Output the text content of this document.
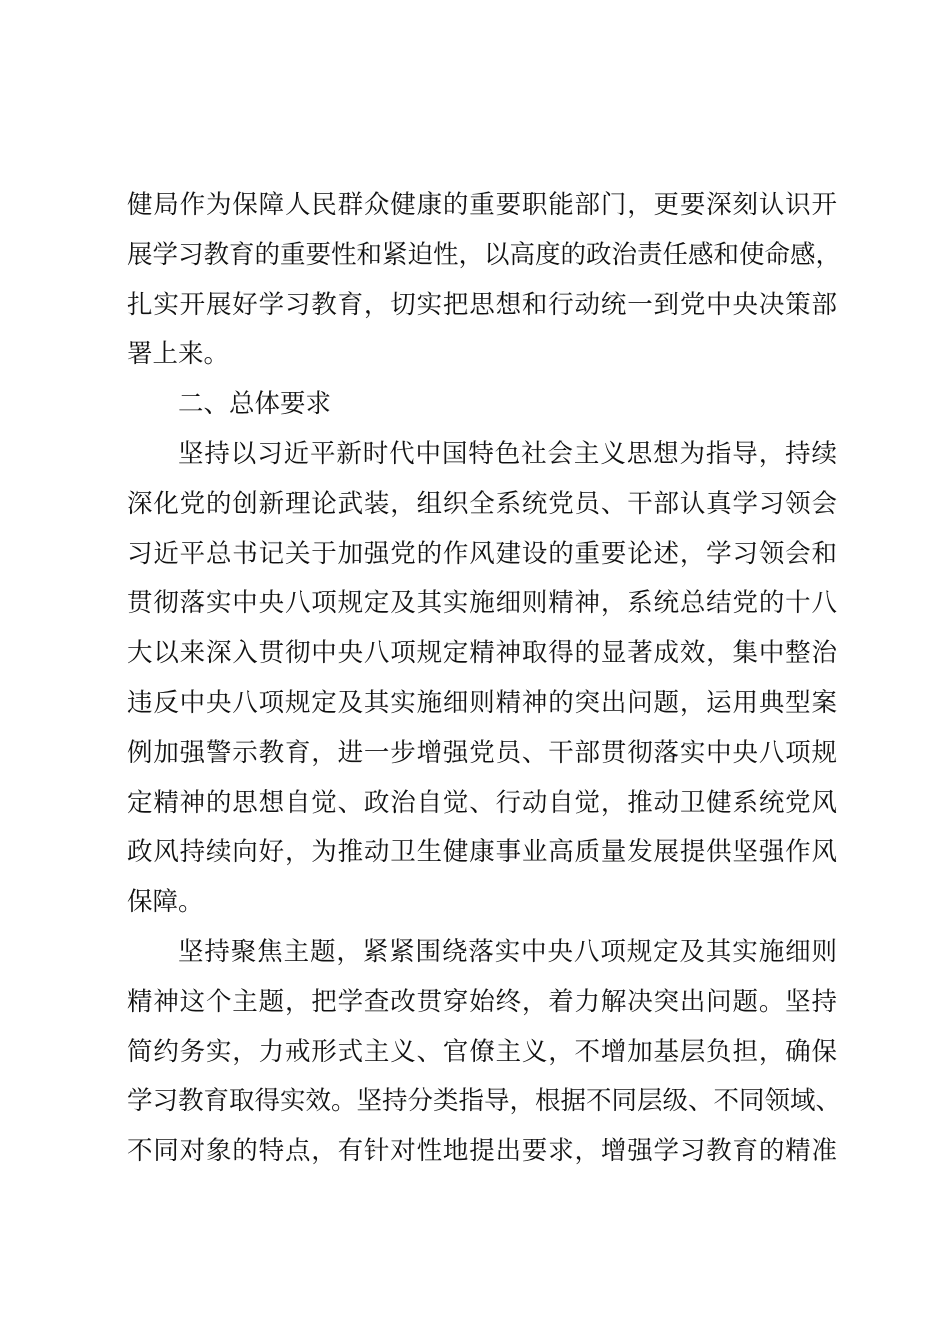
健局作为保障人民群众健康的重要职能部门，更要深刻认识开
展学习教育的重要性和紧迫性，以高度的政治责任感和使命感，
扎实开展好学习教育，切实把思想和行动统一到党中央决策部
署上来。
二、总体要求
坚持以习近平新时代中国特色社会主义思想为指导，持续
深化党的创新理论武装，组织全系统党员、干部认真学习领会
习近平总书记关于加强党的作风建设的重要论述，学习领会和
贯彻落实中央八项规定及其实施细则精神，系统总结党的十八
大以来深入贯彻中央八项规定精神取得的显著成效，集中整治
违反中央八项规定及其实施细则精神的突出问题，运用典型案
例加强警示教育，进一步增强党员、干部贯彻落实中央八项规
定精神的思想自觉、政治自觉、行动自觉，推动卫健系统党风
政风持续向好，为推动卫生健康事业高质量发展提供坚强作风
保障。
坚持聚焦主题，紧紧围绕落实中央八项规定及其实施细则
精神这个主题，把学查改贯穿始终，着力解决突出问题。坚持
简约务实，力戒形式主义、官僚主义，不增加基层负担，确保
学习教育取得实效。坚持分类指导，根据不同层级、不同领域、
不同对象的特点，有针对性地提出要求，增强学习教育的精准
